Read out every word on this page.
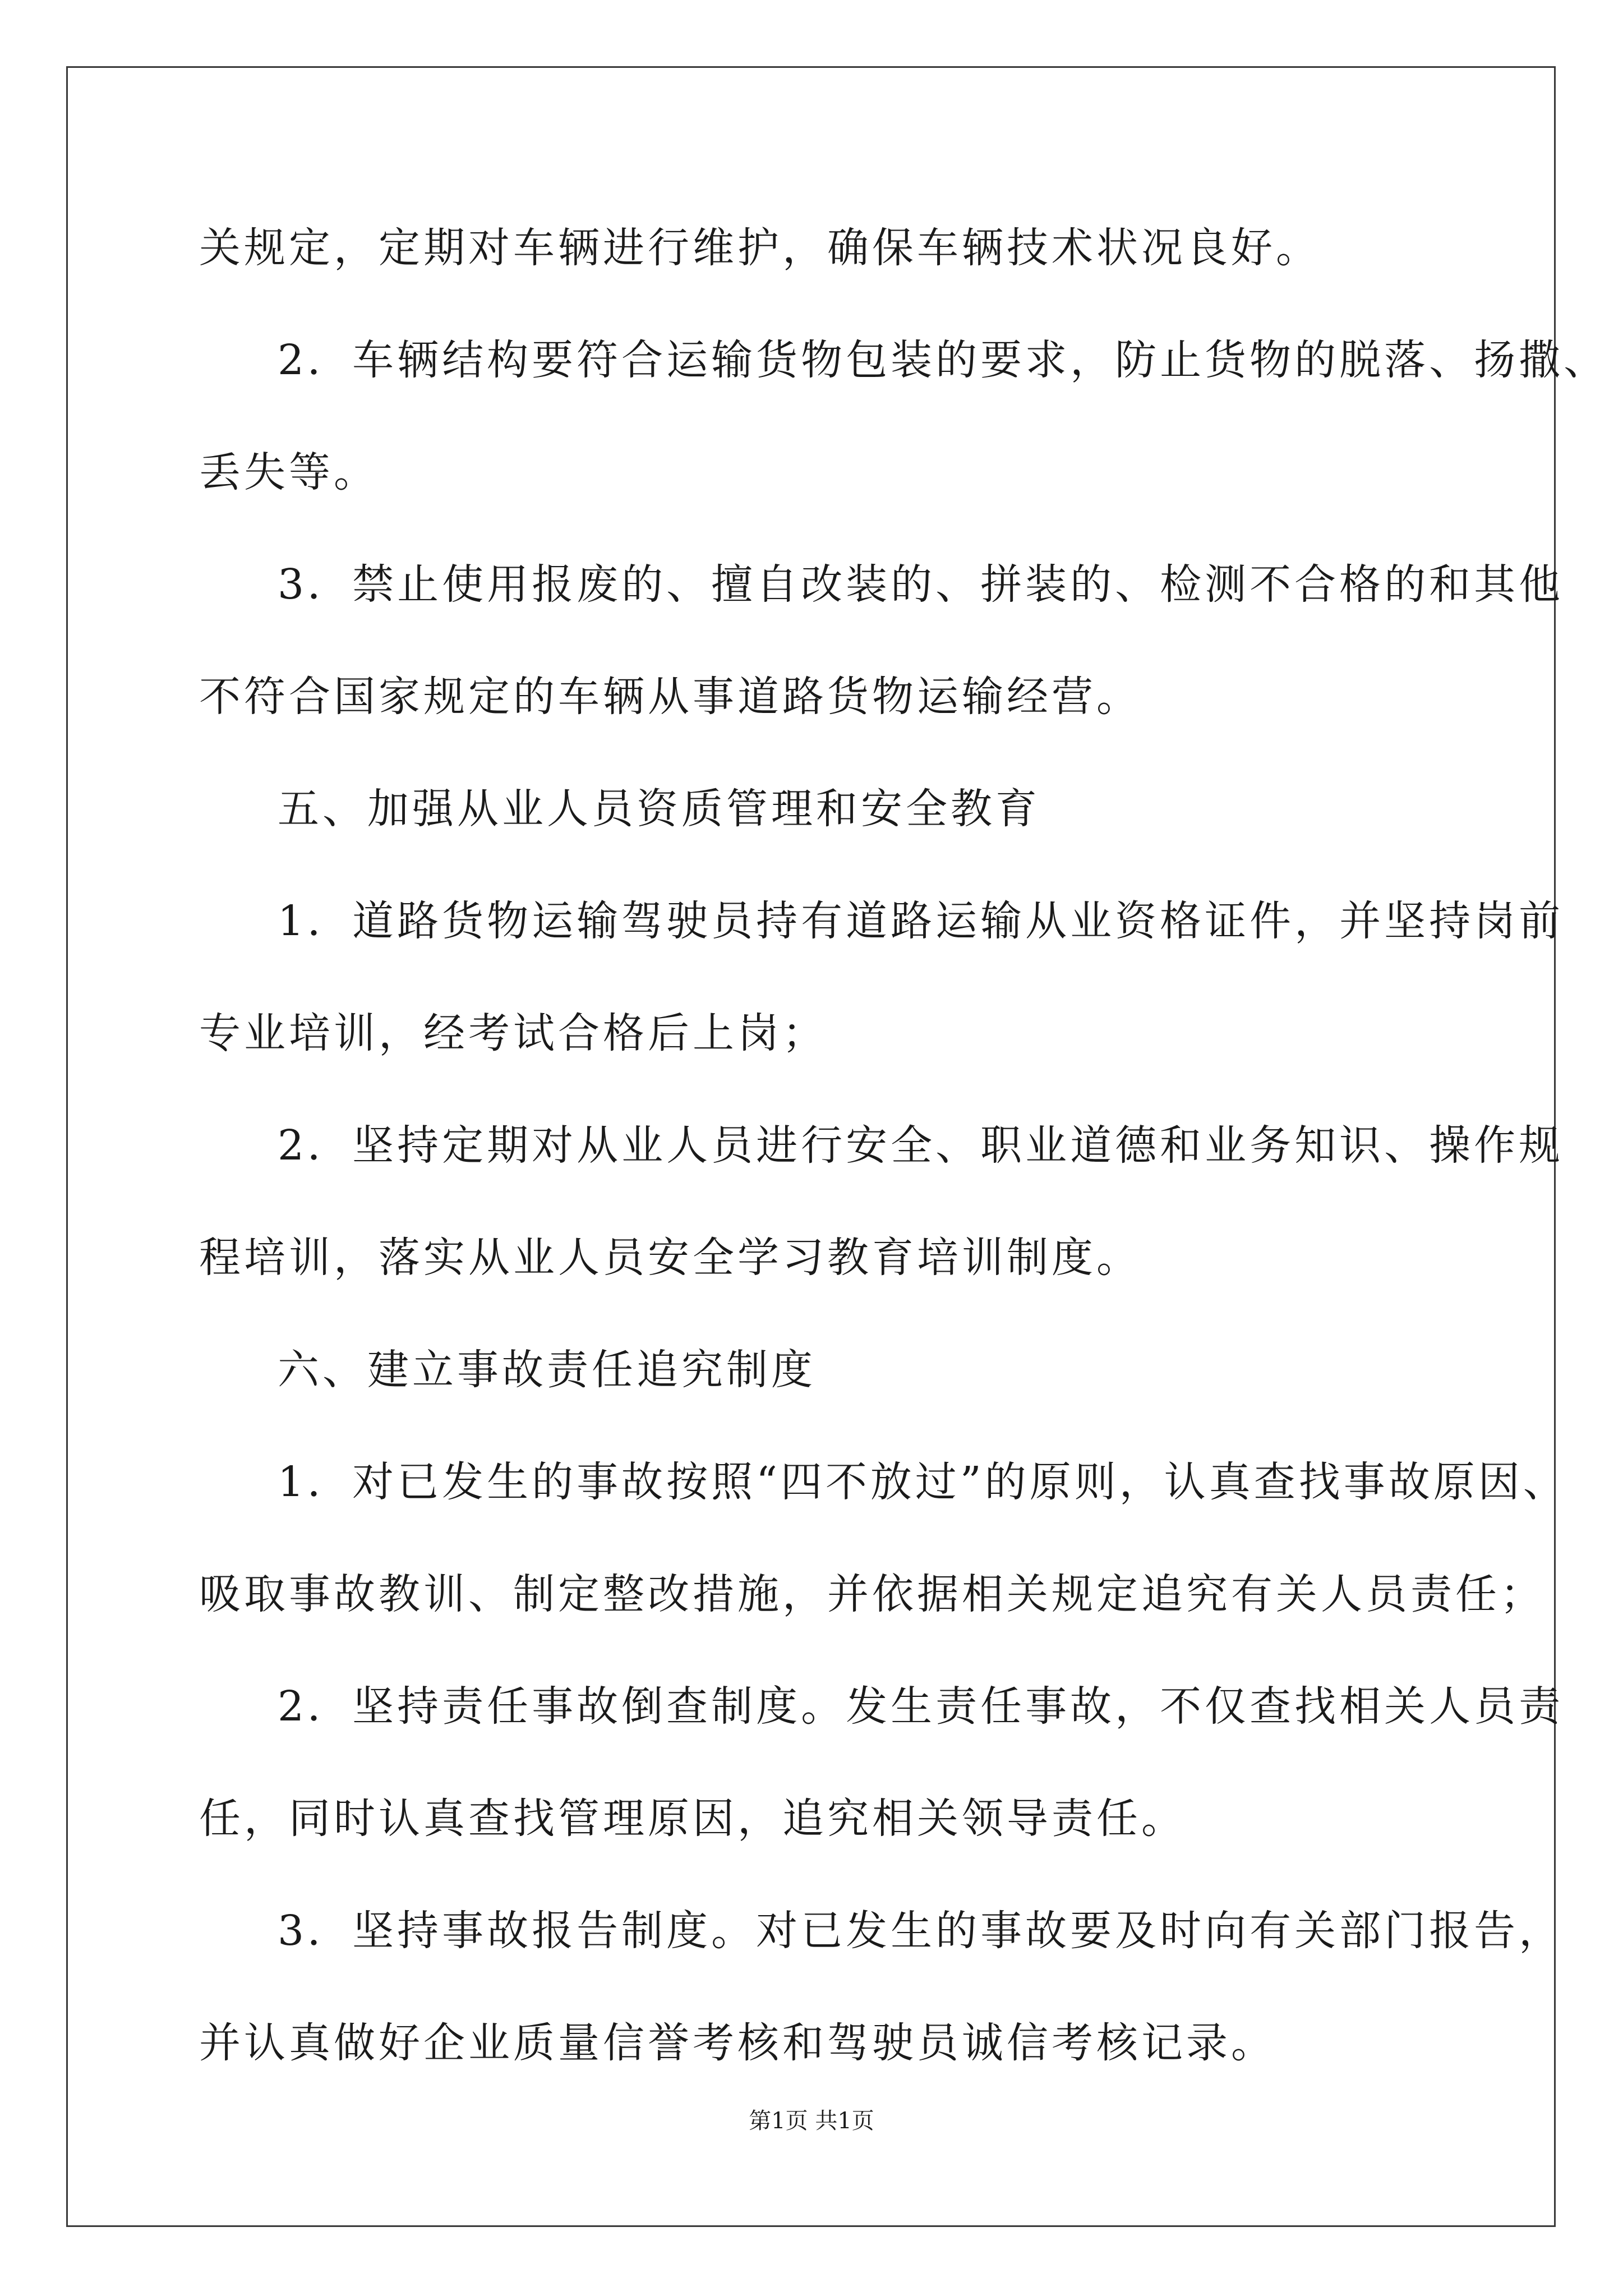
关规定，定期对车辆进行维护，确保车辆技术状况良好。

2．车辆结构要符合运输货物包装的要求，防止货物的脱落、扬撒、

丢失等。

3．禁止使用报废的、擅自改装的、拼装的、检测不合格的和其他

不符合国家规定的车辆从事道路货物运输经营。

五、加强从业人员资质管理和安全教育

1．道路货物运输驾驶员持有道路运输从业资格证件，并坚持岗前

专业培训，经考试合格后上岗；

2．坚持定期对从业人员进行安全、职业道德和业务知识、操作规

程培训，落实从业人员安全学习教育培训制度。

六、建立事故责任追究制度

1．对已发生的事故按照“四不放过”的原则，认真查找事故原因、

吸取事故教训、制定整改措施，并依据相关规定追究有关人员责任；

2．坚持责任事故倒查制度。发生责任事故，不仅查找相关人员责

任，同时认真查找管理原因，追究相关领导责任。

3．坚持事故报告制度。对已发生的事故要及时向有关部门报告，

并认真做好企业质量信誉考核和驾驶员诚信考核记录。

第1页 共1页
